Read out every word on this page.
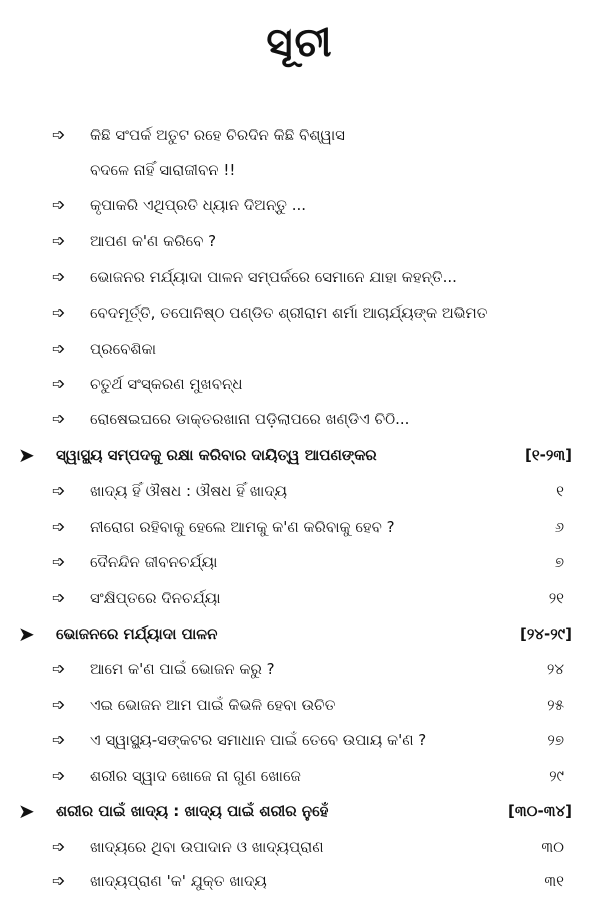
ସୂଚୀ
➩ କିଛି ସଂପର୍କ ଅତୁଟ ରହେ ଚିରଦିନ କିଛି ବିଶ୍ୱାସ
ବଦଳେ ନାହିଁ ସାରାଜୀବନ !!
➩ କୃପାକରି ଏଥିପ୍ରତି ଧ୍ୟାନ ଦିଅନ୍ତୁ ...
➩ ଆପଣ କ'ଣ କରିବେ ?
➩ ଭୋଜନର ମର୍ଯ୍ୟାଦା ପାଳନ ସମ୍ପର୍କରେ ସେମାନେ ଯାହା କହନ୍ତି...
➩ ବେଦମୂର୍ତ୍ତି, ତପୋନିଷ୍ଠ ପଣ୍ଡିତ ଶ୍ରୀରାମ ଶର୍ମା ଆଚାର୍ଯ୍ୟଙ୍କ ଅଭିମତ
➩ ପ୍ରବେଶିକା
➩ ଚତୁର୍ଥ ସଂସ୍କରଣ ମୁଖବନ୍ଧ
➩ ରୋଷେଇଘରେ ଡାକ୍ତରଖାନା ପଡ଼ିଲାପରେ ଖଣ୍ଡିଏ ଚିଠି...
➤ ସ୍ୱାସ୍ଥ୍ୟ ସମ୍ପଦକୁ ରକ୍ଷା କରିବାର ଦାୟିତ୍ୱ ଆପଣଙ୍କର	[୧-୨୩]
➩ ଖାଦ୍ୟ ହିଁ ଔଷଧ : ଔଷଧ ହିଁ ଖାଦ୍ୟ	୧
➩ ନୀରୋଗ ରହିବାକୁ ହେଲେ ଆମକୁ କ'ଣ କରିବାକୁ ହେବ ?	୬
➩ ଦୈନନ୍ଦିନ ଜୀବନଚର୍ଯ୍ୟା	୭
➩ ସଂକ୍ଷିପ୍ତରେ ଦିନଚର୍ଯ୍ୟା	୨୧
➤ ଭୋଜନରେ ମର୍ଯ୍ୟାଦା ପାଳନ	[୨୪-୨୯]
➩ ଆମେ କ'ଣ ପାଇଁ ଭୋଜନ କରୁ ?	୨୪
➩ ଏଇ ଭୋଜନ ଆମ ପାଇଁ କିଭଳି ହେବା ଉଚିତ	୨୫
➩ ଏ ସ୍ୱାସ୍ଥ୍ୟ-ସଙ୍କଟର ସମାଧାନ ପାଇଁ ତେବେ ଉପାୟ କ'ଣ ?	୨୭
➩ ଶରୀର ସ୍ୱାଦ ଖୋଜେ ନା ଗୁଣ ଖୋଜେ	୨୯
➤ ଶରୀର ପାଇଁ ଖାଦ୍ୟ : ଖାଦ୍ୟ ପାଇଁ ଶରୀର ନୁହେଁ	[୩୦-୩୪]
➩ ଖାଦ୍ୟରେ ଥିବା ଉପାଦାନ ଓ ଖାଦ୍ୟପ୍ରାଣ	୩୦
➩ ଖାଦ୍ୟପ୍ରାଣ 'କ' ଯୁକ୍ତ ଖାଦ୍ୟ	୩୧
